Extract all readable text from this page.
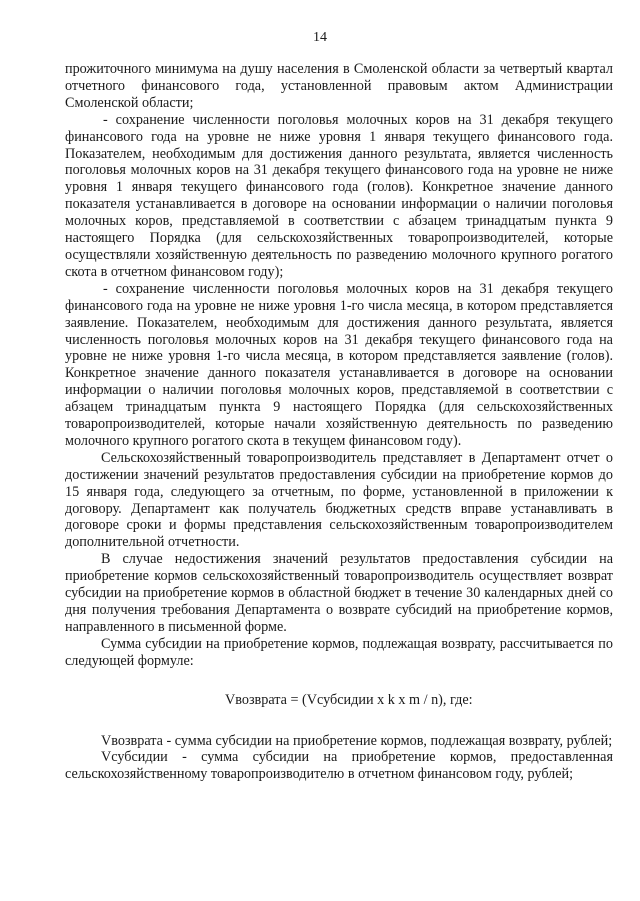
14

прожиточного минимума на душу населения в Смоленской области за четвертый квартал отчетного финансового года, установленной правовым актом Администрации Смоленской области;

- сохранение численности поголовья молочных коров на 31 декабря текущего финансового года на уровне не ниже уровня 1 января текущего финансового года. Показателем, необходимым для достижения данного результата, является численность поголовья молочных коров на 31 декабря текущего финансового года на уровне не ниже уровня 1 января текущего финансового года (голов). Конкретное значение данного показателя устанавливается в договоре на основании информации о наличии поголовья молочных коров, представляемой в соответствии с абзацем тринадцатым пункта 9 настоящего Порядка (для сельскохозяйственных товаропроизводителей, которые осуществляли хозяйственную деятельность по разведению молочного крупного рогатого скота в отчетном финансовом году);

- сохранение численности поголовья молочных коров на 31 декабря текущего финансового года на уровне не ниже уровня 1-го числа месяца, в котором представляется заявление. Показателем, необходимым для достижения данного результата, является численность поголовья молочных коров на 31 декабря текущего финансового года на уровне не ниже уровня 1-го числа месяца, в котором представляется заявление (голов). Конкретное значение данного показателя устанавливается в договоре на основании информации о наличии поголовья молочных коров, представляемой в соответствии с абзацем тринадцатым пункта 9 настоящего Порядка (для сельскохозяйственных товаропроизводителей, которые начали хозяйственную деятельность по разведению молочного крупного рогатого скота в текущем финансовом году).

Сельскохозяйственный товаропроизводитель представляет в Департамент отчет о достижении значений результатов предоставления субсидии на приобретение кормов до 15 января года, следующего за отчетным, по форме, установленной в приложении к договору. Департамент как получатель бюджетных средств вправе устанавливать в договоре сроки и формы представления сельскохозяйственным товаропроизводителем дополнительной отчетности.

В случае недостижения значений результатов предоставления субсидии на приобретение кормов сельскохозяйственный товаропроизводитель осуществляет возврат субсидии на приобретение кормов в областной бюджет в течение 30 календарных дней со дня получения требования Департамента о возврате субсидий на приобретение кормов, направленного в письменной форме.

Сумма субсидии на приобретение кормов, подлежащая возврату, рассчитывается по следующей формуле:

Vвозврата = (Vсубсидии x k x m / n), где:

Vвозврата - сумма субсидии на приобретение кормов, подлежащая возврату, рублей;

Vсубсидии - сумма субсидии на приобретение кормов, предоставленная сельскохозяйственному товаропроизводителю в отчетном финансовом году, рублей;
